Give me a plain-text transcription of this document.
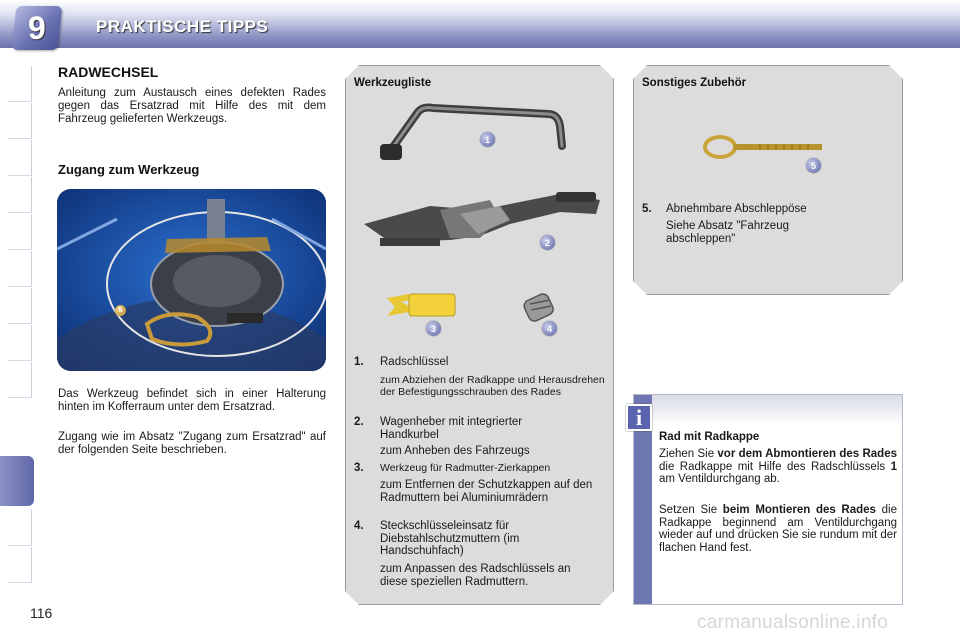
9	PRAKTISCHE TIPPS
RADWECHSEL
Anleitung zum Austausch eines defekten Rades gegen das Ersatzrad mit Hilfe des mit dem Fahrzeug gelieferten Werkzeugs.
Zugang zum Werkzeug
5
Das Werkzeug befindet sich in einer Halterung hinten im Kofferraum unter dem Ersatzrad.
Zugang wie im Absatz "Zugang zum Ersatzrad" auf der folgenden Seite beschrieben.
Werkzeugliste
1
2
3	4
1. Radschlüssel
zum Abziehen der Radkappe und Herausdrehen der Befestigungsschrauben des Rades
2. Wagenheber mit integrierter Handkurbel
zum Anheben des Fahrzeugs
3. Werkzeug für Radmutter-Zierkappen
zum Entfernen der Schutzkappen auf den Radmuttern bei Aluminiumrädern
4. Steckschlüsseleinsatz für Diebstahlschutzmuttern (im Handschuhfach)
zum Anpassen des Radschlüssels an diese speziellen Radmuttern.
Sonstiges Zubehör
5
5. Abnehmbare Abschleppöse
Siehe Absatz "Fahrzeug abschleppen"
i
Rad mit Radkappe
Ziehen Sie vor dem Abmontieren des Rades die Radkappe mit Hilfe des Radschlüssels 1 am Ventildurchgang ab.
Setzen Sie beim Montieren des Rades die Radkappe beginnend am Ventildurchgang wieder auf und drücken Sie sie rundum mit der flachen Hand fest.
116	carmanualsonline.info
